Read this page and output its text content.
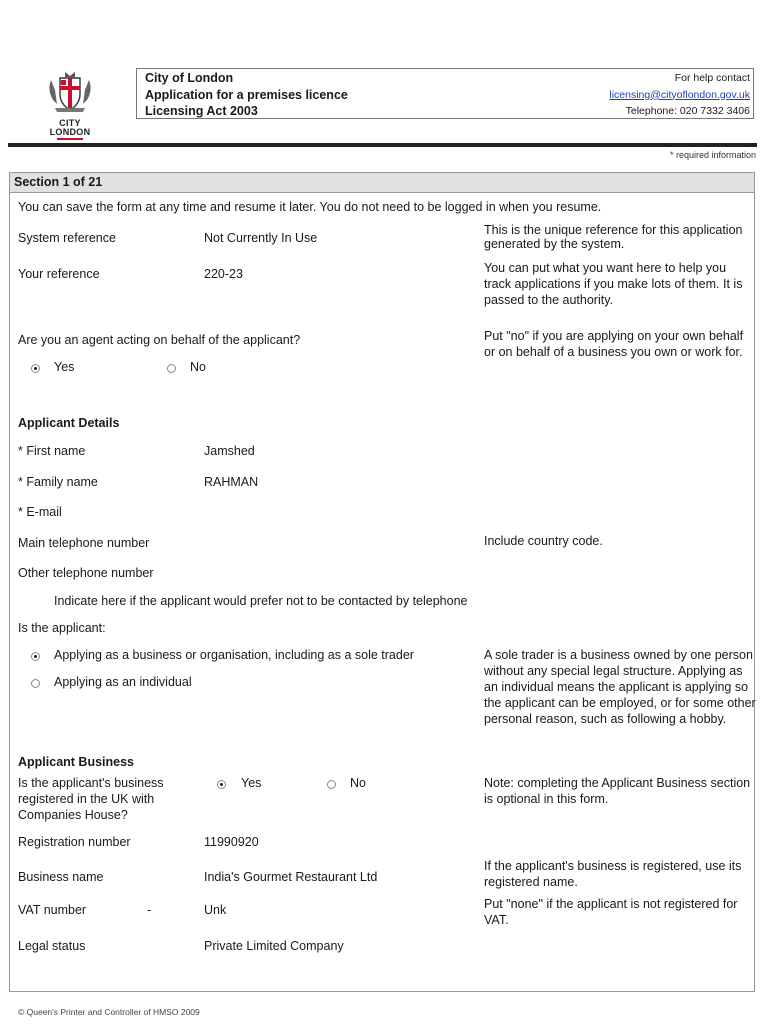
CITY
LONDON
City of London
Application for a premises licence
Licensing Act 2003
For help contact
licensing@cityoflondon.gov.uk
Telephone: 020 7332 3406
* required information
Section 1 of 21
You can save the form at any time and resume it later. You do not need to be logged in when you resume.
System reference	Not Currently In Use
This is the unique reference for this application generated by the system.
Your reference	220-23	You can put what you want here to help you track applications if you make lots of them. It is passed to the authority.
Are you an agent acting on behalf of the applicant?	Put "no" if you are applying on your own behalf or on behalf of a business you own or work for.
Yes	No
Applicant Details
* First name	Jamshed
* Family name	RAHMAN
* E-mail
Main telephone number	Include country code.
Other telephone number
Indicate here if the applicant would prefer not to be contacted by telephone
Is the applicant:
Applying as a business or organisation, including as a sole trader
Applying as an individual
A sole trader is a business owned by one person without any special legal structure. Applying as an individual means the applicant is applying so the applicant can be employed, or for some other personal reason, such as following a hobby.
Applicant Business
Is the applicant's business registered in the UK with Companies House?
Yes	No	Note: completing the Applicant Business section is optional in this form.
Registration number	11990920
Business name	India's Gourmet Restaurant Ltd
If the applicant's business is registered, use its registered name.
VAT number	-	Unk	Put "none" if the applicant is not registered for VAT.
Legal status	Private Limited Company
© Queen's Printer and Controller of HMSO 2009
